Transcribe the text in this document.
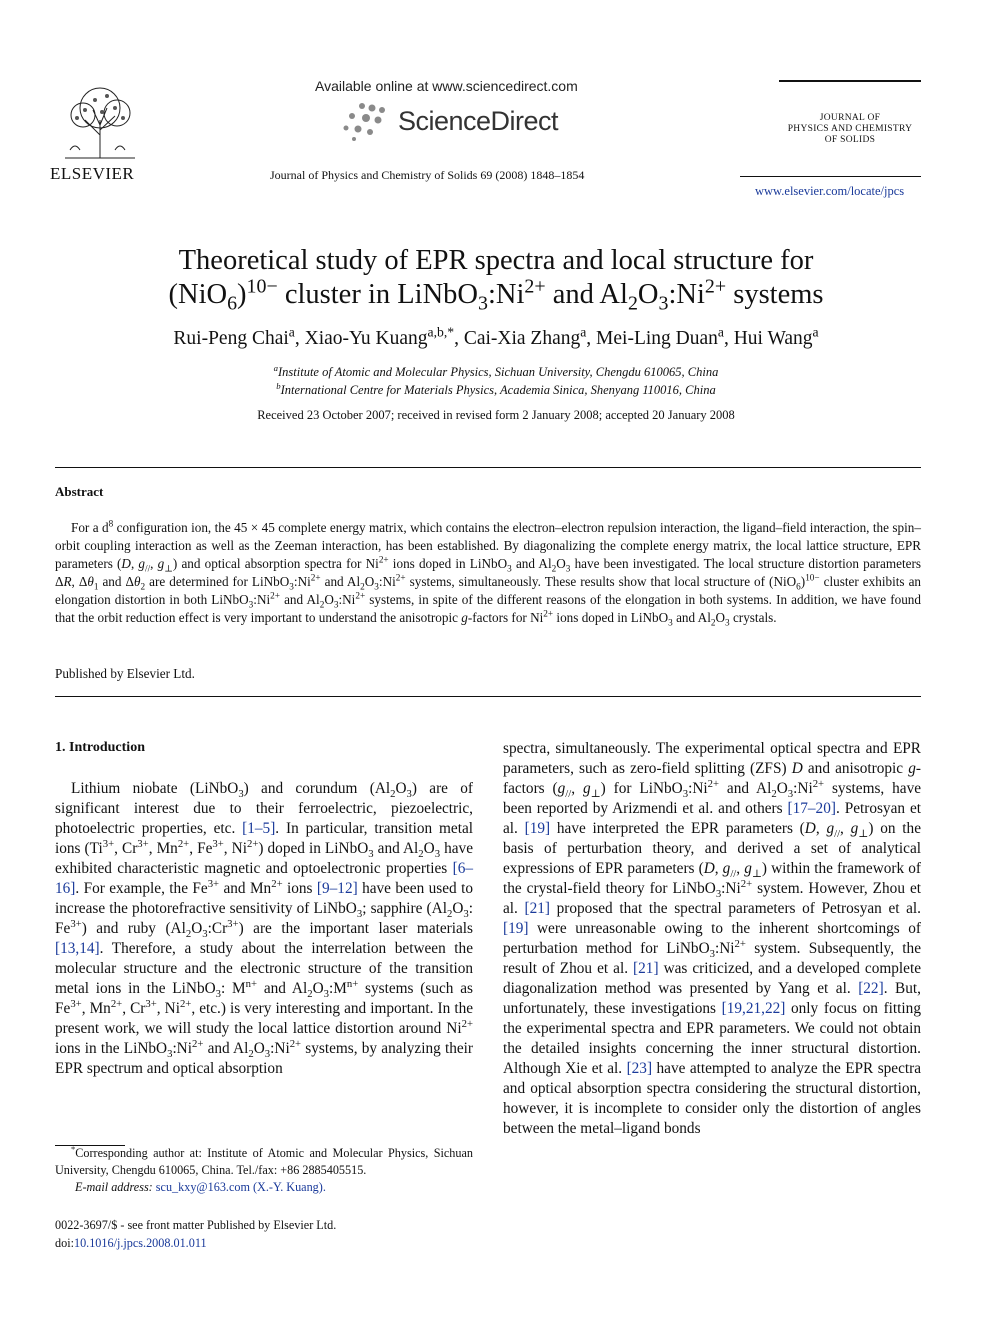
ELSEVIER
Available online at www.sciencedirect.com
ScienceDirect
Journal of Physics and Chemistry of Solids 69 (2008) 1848–1854
JOURNAL OF
PHYSICS AND CHEMISTRY
OF SOLIDS
www.elsevier.com/locate/jpcs
Theoretical study of EPR spectra and local structure for
$(NiO_6)^{10-}$ cluster in $LiNbO_3:Ni^{2+}$ and $Al_2O_3:Ni^{2+}$ systems
Rui-Peng Chai$^a$, Xiao-Yu Kuang$^{a,b,*}$, Cai-Xia Zhang$^a$, Mei-Ling Duan$^a$, Hui Wang$^a$
$^a$Institute of Atomic and Molecular Physics, Sichuan University, Chengdu 610065, China
$^b$International Centre for Materials Physics, Academia Sinica, Shenyang 110016, China
Received 23 October 2007; received in revised form 2 January 2008; accepted 20 January 2008
Abstract
For a $d^8$ configuration ion, the 45 × 45 complete energy matrix, which contains the electron–electron repulsion interaction, the ligand–field interaction, the spin–orbit coupling interaction as well as the Zeeman interaction, has been established. By diagonalizing the complete energy matrix, the local lattice structure, EPR parameters (D, $g_{//}$, $g_\perp$) and optical absorption spectra for $Ni^{2+}$ ions doped in LiNbO$_3$ and $Al_2O_3$ have been investigated. The local structure distortion parameters ΔR, $\Delta\theta_1$ and $\Delta\theta_2$ are determined for $LiNbO_3:Ni^{2+}$ and $Al_2O_3:Ni^{2+}$ systems, simultaneously. These results show that local structure of $(NiO_6)^{10-}$ cluster exhibits an elongation distortion in both $LiNbO_3:Ni^{2+}$ and $Al_2O_3:Ni^{2+}$ systems, in spite of the different reasons of the elongation in both systems. In addition, we have found that the orbit reduction effect is very important to understand the anisotropic g-factors for $Ni^{2+}$ ions doped in LiNbO$_3$ and $Al_2O_3$ crystals.
Published by Elsevier Ltd.
1. Introduction

Lithium niobate (LiNbO$_3$) and corundum $(Al_2O_3)$ are of significant interest due to their ferroelectric, piezoelectric, photoelectric properties, etc. [1–5]. In particular, transition metal ions ($Ti^{3+}$, $Cr^{3+}$, $Mn^{2+}$, $Fe^{3+}$, $Ni^{2+}$) doped in LiNbO$_3$ and $Al_2O_3$ have exhibited characteristic magnetic and optoelectronic properties [6–16]. For example, the $Fe^{3+}$ and $Mn^{2+}$ ions [9–12] have been used to increase the photorefractive sensitivity of LiNbO$_3$; sapphire ($Al_2O_3$: $Fe^{3+}$) and ruby $(Al_2O_3:Cr^{3+})$ are the important laser materials [13,14]. Therefore, a study about the interrelation between the molecular structure and the electronic structure of the transition metal ions in the LiNbO$_3$: $M^{n+}$ and $Al_2O_3:M^{n+}$ systems (such as $Fe^{3+}$, $Mn^{2+}$, $Cr^{3+}$, $Ni^{2+}$, etc.) is very interesting and important. In the present work, we will study the local lattice distortion around $Ni^{2+}$ ions in the $LiNbO_3:Ni^{2+}$ and $Al_2O_3:Ni^{2+}$ systems, by analyzing their EPR spectrum and optical absorption

*Corresponding author at: Institute of Atomic and Molecular Physics, Sichuan University, Chengdu 610065, China. Tel./fax: +86 2885405515.
E-mail address: scu_kxy@163.com (X.-Y. Kuang).
0022-3697/$ - see front matter Published by Elsevier Ltd.
doi:10.1016/j.jpcs.2008.01.011

spectra, simultaneously. The experimental optical spectra and EPR parameters, such as zero-field splitting (ZFS) D and anisotropic g-factors ($g_{//}$, $g_\perp$) for $LiNbO_3:Ni^{2+}$ and $Al_2O_3:Ni^{2+}$ systems, have been reported by Arizmendi et al. and others [17–20]. Petrosyan et al. [19] have interpreted the EPR parameters (D, $g_{//}$, $g_\perp$) on the basis of perturbation theory, and derived a set of analytical expressions of EPR parameters (D, $g_{//}$, $g_\perp$) within the framework of the crystal-field theory for $LiNbO_3:Ni^{2+}$ system. However, Zhou et al. [21] proposed that the spectral parameters of Petrosyan et al. [19] were unreasonable owing to the inherent shortcomings of perturbation method for $LiNbO_3:Ni^{2+}$ system. Subsequently, the result of Zhou et al. [21] was criticized, and a developed complete diagonalization method was presented by Yang et al. [22]. But, unfortunately, these investigations [19,21,22] only focus on fitting the experimental spectra and EPR parameters. We could not obtain the detailed insights concerning the inner structural distortion. Although Xie et al. [23] have attempted to analyze the EPR spectra and optical absorption spectra considering the structural distortion, however, it is incomplete to consider only the distortion of angles between the metal–ligand bonds
